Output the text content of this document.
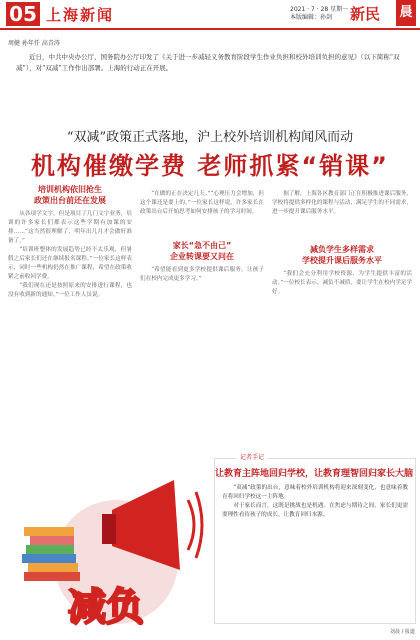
05 上海新闻	2021 · 7 · 28 星期一
本版编辑：孙剑	新民 晨
周健 孙年仟 高青涛
近日，中共中央办公厅、国务院办公厅印发了《关于进一步减轻义务教育阶段学生作业负担和校外培训负担的意见》（以下简称“双减”），对“双减”工作作出部署。上海的行动正在开展。
“双减”政策正式落地，沪上校外培训机构闻风而动
机构催缴学费 老师抓紧“销课”
培训机构依旧抢生
政策出台前还在发展

从各项学文字，但是项目了几门文字业务，培训的许多家长们都表示这些学期有加课的安排……“这当然很理解了，明年出几月才会做好准备了。”

“培训班整体的发展趋势已经不太乐观，但暑假之后家长们还在继续报名课程。”一位家长这样表示，同时一些机构仍然在推广课程，希望在政策收紧之前收回学费。

“我们现在还是按照原来的安排进行课程，也没有收到新的通知。”一位工作人员说。

“在做的正在决定几天。”“心理压力会增加，但这个课还是要上的。”一位家长这样说，许多家长在政策出台后开始思考如何安排孩子的学习时间。

家长“急不由己”
企业转课要又问在

“希望能看到更多学校提供课后服务，让孩子们在校内完成更多学习。”

减负学生多样需求
学校提升课后服务水平

据了解，上海各区教育部门正在积极推进课后服务，学校将提供多样化的课程与活动，满足学生的不同需求，进一步提升课后服务水平。

“我们会充分利用学校资源，为学生提供丰富的活动。”一位校长表示，减负不减质，要让学生在校内学足学好。

减负
记者手记
让教育主阵地回归学校，让教育理智回归家长大脑

“双减”政策的出台，意味着校外培训机构将迎来深刻变化，也意味着教育将回归学校这一主阵地。

对于家长而言，这既是挑战也是机遇。在焦虑与期待之间，家长们更需要理性看待孩子的成长，让教育回归本源。

刘晨 / 报道
